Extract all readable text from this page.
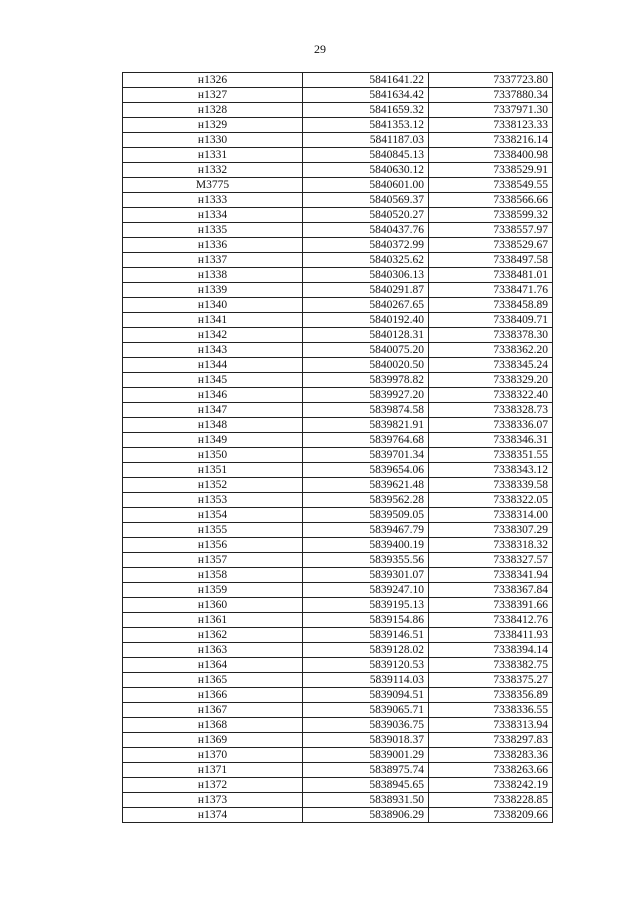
29
н1326	5841641.22	7337723.80
н1327	5841634.42	7337880.34
н1328	5841659.32	7337971.30
н1329	5841353.12	7338123.33
н1330	5841187.03	7338216.14
н1331	5840845.13	7338400.98
н1332	5840630.12	7338529.91
М3775	5840601.00	7338549.55
н1333	5840569.37	7338566.66
н1334	5840520.27	7338599.32
н1335	5840437.76	7338557.97
н1336	5840372.99	7338529.67
н1337	5840325.62	7338497.58
н1338	5840306.13	7338481.01
н1339	5840291.87	7338471.76
н1340	5840267.65	7338458.89
н1341	5840192.40	7338409.71
н1342	5840128.31	7338378.30
н1343	5840075.20	7338362.20
н1344	5840020.50	7338345.24
н1345	5839978.82	7338329.20
н1346	5839927.20	7338322.40
н1347	5839874.58	7338328.73
н1348	5839821.91	7338336.07
н1349	5839764.68	7338346.31
н1350	5839701.34	7338351.55
н1351	5839654.06	7338343.12
н1352	5839621.48	7338339.58
н1353	5839562.28	7338322.05
н1354	5839509.05	7338314.00
н1355	5839467.79	7338307.29
н1356	5839400.19	7338318.32
н1357	5839355.56	7338327.57
н1358	5839301.07	7338341.94
н1359	5839247.10	7338367.84
н1360	5839195.13	7338391.66
н1361	5839154.86	7338412.76
н1362	5839146.51	7338411.93
н1363	5839128.02	7338394.14
н1364	5839120.53	7338382.75
н1365	5839114.03	7338375.27
н1366	5839094.51	7338356.89
н1367	5839065.71	7338336.55
н1368	5839036.75	7338313.94
н1369	5839018.37	7338297.83
н1370	5839001.29	7338283.36
н1371	5838975.74	7338263.66
н1372	5838945.65	7338242.19
н1373	5838931.50	7338228.85
н1374	5838906.29	7338209.66
